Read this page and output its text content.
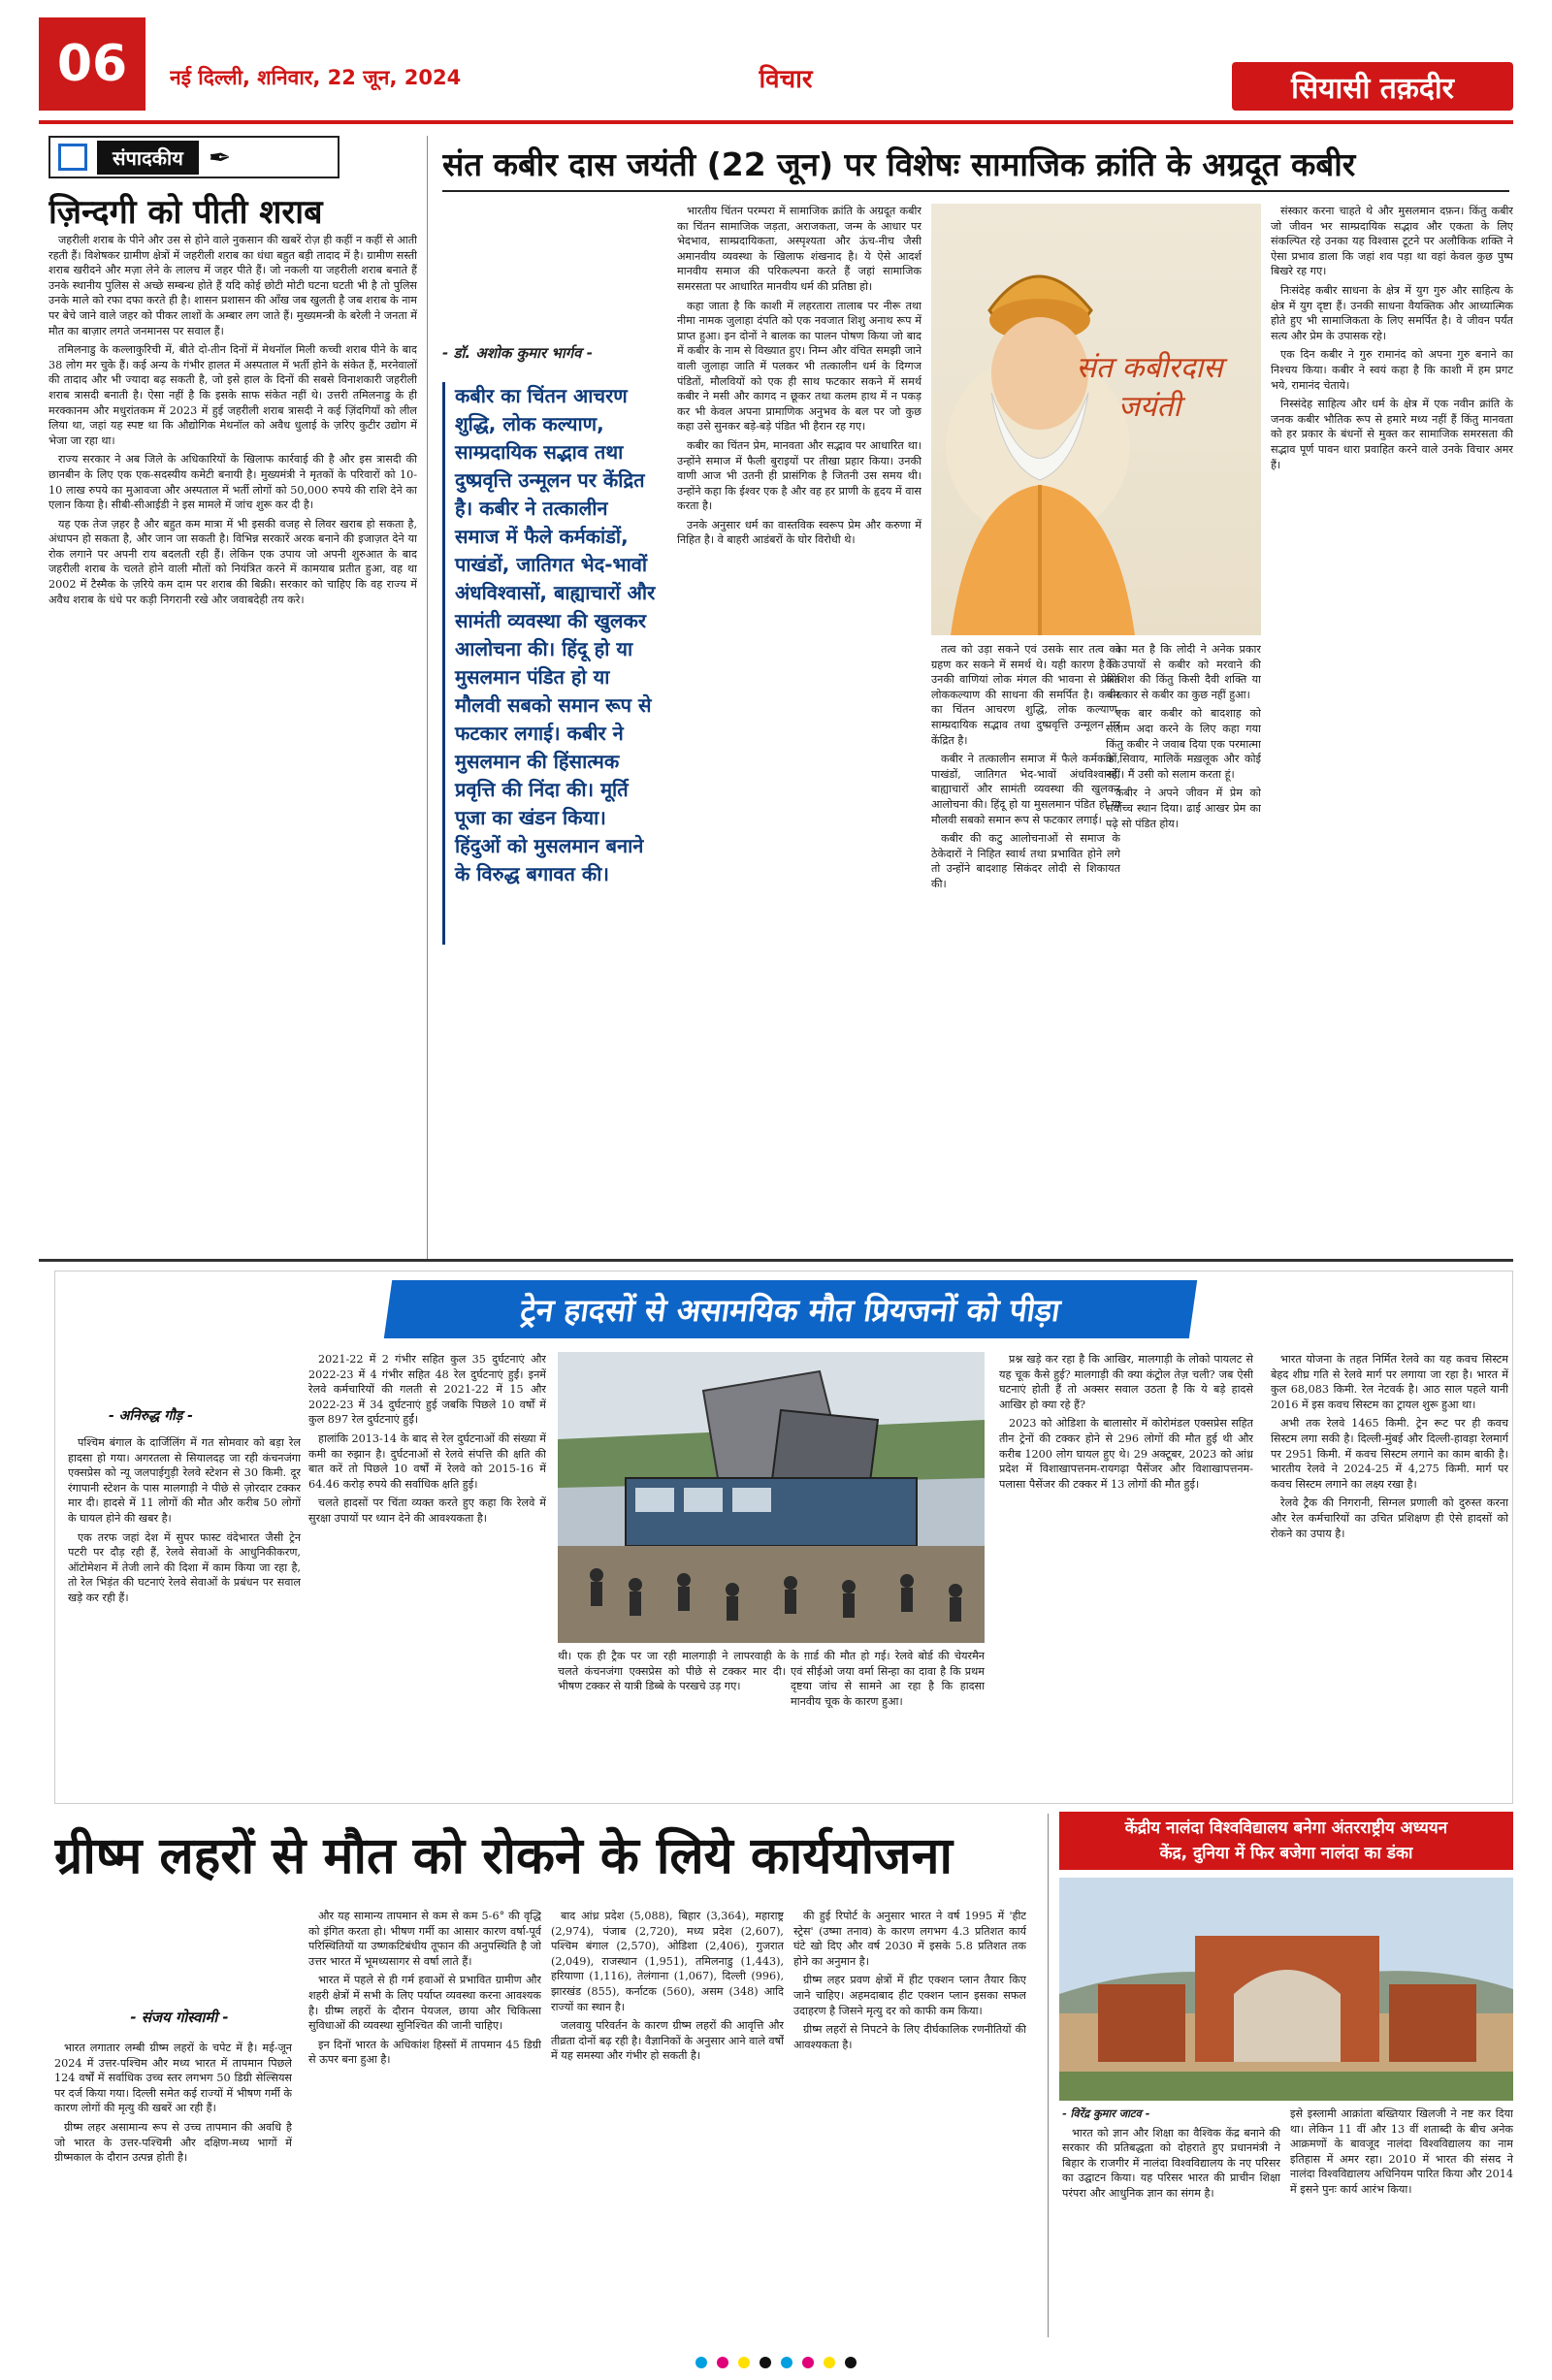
06	नई दिल्ली, शनिवार, 22 जून, 2024	विचार	सियासी तक़दीर
संपादकीय ✒
ज़िन्दगी को पीती शराब

जहरीली शराब के पीने और उस से होने वाले नुकसान की खबरें रोज़ ही कहीं न कहीं से आती रहती हैं। विशेषकर ग्रामीण क्षेत्रों में जहरीली शराब का धंधा बहुत बड़ी तादाद में है। ग्रामीण सस्ती शराब खरीदने और मज़ा लेने के लालच में जहर पीते हैं। जो नकली या जहरीली शराब बनाते हैं उनके स्थानीय पुलिस से अच्छे सम्बन्ध होते हैं यदि कोई छोटी मोटी घटना घटती भी है तो पुलिस उनके माले को रफा दफा करते ही है। शासन प्रशासन की आँख जब खुलती है जब शराब के नाम पर बेचे जाने वाले जहर को पीकर लाशों के अम्बार लग जाते हैं। मुख्यमन्त्री के बरेली ने जनता में मौत का बाज़ार लगते जनमानस पर सवाल हैं।

तमिलनाडु के कल्लाकुरिची में, बीते दो-तीन दिनों में मेथनॉल मिली कच्ची शराब पीने के बाद 38 लोग मर चुके हैं। कई अन्य के गंभीर हालत में अस्पताल में भर्ती होने के संकेत हैं, मरनेवालों की तादाद और भी ज्यादा बढ़ सकती है, जो इसे हाल के दिनों की सबसे विनाशकारी जहरीली शराब त्रासदी बनाती है। ऐसा नहीं है कि इसके साफ संकेत नहीं थे। उत्तरी तमिलनाडु के ही मरक्कानम और मधुरांतकम में 2023 में हुई जहरीली शराब त्रासदी ने कई ज़िंदगियाँ को लील लिया था, जहां यह स्पष्ट था कि औद्योगिक मेथनॉल को अवैध धुलाई के ज़रिए कुटीर उद्योग में भेजा जा रहा था।

राज्य सरकार ने अब जिले के अधिकारियों के खिलाफ कार्रवाई की है और इस त्रासदी की छानबीन के लिए एक एक-सदस्यीय कमेटी बनायी है। मुख्यमंत्री ने मृतकों के परिवारों को 10-10 लाख रुपये का मुआवजा और अस्पताल में भर्ती लोगों को 50,000 रुपये की राशि देने का एलान किया है। सीबी-सीआईडी ने इस मामले में जांच शुरू कर दी है।

यह एक तेज ज़हर है और बहुत कम मात्रा में भी इसकी वजह से लिवर खराब हो सकता है, अंधापन हो सकता है, और जान जा सकती है। विभिन्न सरकारें अरक बनाने की इजाज़त देने या रोक लगाने पर अपनी राय बदलती रही हैं। लेकिन एक उपाय जो अपनी शुरुआत के बाद जहरीली शराब के चलते होने वाली मौतों को नियंत्रित करने में कामयाब प्रतीत हुआ, वह था 2002 में टैस्मैक के ज़रिये कम दाम पर शराब की बिक्री। सरकार को चाहिए कि वह राज्य में अवैध शराब के धंधे पर कड़ी निगरानी रखे और जवाबदेही तय करे।

संत कबीर दास जयंती (22 जून) पर विशेषः सामाजिक क्रांति के अग्रदूत कबीर
- डॉ. अशोक कुमार भार्गव -
कबीर का चिंतन आचरण शुद्धि, लोक कल्याण, साम्प्रदायिक सद्भाव तथा दुष्प्रवृत्ति उन्मूलन पर केंद्रित है। कबीर ने तत्कालीन समाज में फैले कर्मकांडों, पाखंडों, जातिगत भेद-भावों अंधविश्वासों, बाह्याचारों और सामंती व्यवस्था की खुलकर आलोचना की। हिंदू हो या मुसलमान पंडित हो या मौलवी सबको समान रूप से फटकार लगाई। कबीर ने मुसलमान की हिंसात्मक प्रवृत्ति की निंदा की। मूर्ति पूजा का खंडन किया। हिंदुओं को मुसलमान बनाने के विरुद्ध बगावत की।

भारतीय चिंतन परम्परा में सामाजिक क्रांति के अग्रदूत कबीर का चिंतन सामाजिक जड़ता, अराजकता, जन्म के आधार पर भेदभाव, साम्प्रदायिकता, अस्पृश्यता और ऊंच-नीच जैसी अमानवीय व्यवस्था के खिलाफ शंखनाद है। ये ऐसे आदर्श मानवीय समाज की परिकल्पना करते हैं जहां सामाजिक समरसता पर आधारित मानवीय धर्म की प्रतिष्ठा हो।

कहा जाता है कि काशी में लहरतारा तालाब पर नीरू तथा नीमा नामक जुलाहा दंपति को एक नवजात शिशु अनाथ रूप में प्राप्त हुआ। इन दोनों ने बालक का पालन पोषण किया जो बाद में कबीर के नाम से विख्यात हुए। निम्न और वंचित समझी जाने वाली जुलाहा जाति में पलकर भी तत्कालीन धर्म के दिग्गज पंडितों, मौलवियों को एक ही साथ फटकार सकने में समर्थ कबीर ने मसी और कागद न छूकर तथा कलम हाथ में न पकड़ कर भी केवल अपना प्रामाणिक अनुभव के बल पर जो कुछ कहा उसे सुनकर बड़े-बड़े पंडित भी हैरान रह गए।

कबीर का चिंतन प्रेम, मानवता और सद्भाव पर आधारित था। उन्होंने समाज में फैली बुराइयों पर तीखा प्रहार किया। उनकी वाणी आज भी उतनी ही प्रासंगिक है जितनी उस समय थी। उन्होंने कहा कि ईश्वर एक है और वह हर प्राणी के हृदय में वास करता है।

उनके अनुसार धर्म का वास्तविक स्वरूप प्रेम और करुणा में निहित है। वे बाहरी आडंबरों के घोर विरोधी थे।

संत कबीरदास
जयंती

तत्व को उड़ा सकने एवं उसके सार तत्व को ग्रहण कर सकने में समर्थ थे। यही कारण है कि उनकी वाणियां लोक मंगल की भावना से प्रेरित लोककल्याण की साधना की समर्पित है। कबीर का चिंतन आचरण शुद्धि, लोक कल्याण, साम्प्रदायिक सद्भाव तथा दुष्प्रवृत्ति उन्मूलन पर केंद्रित है।

कबीर ने तत्कालीन समाज में फैले कर्मकांडों, पाखंडों, जातिगत भेद-भावों अंधविश्वासों, बाह्याचारों और सामंती व्यवस्था की खुलकर आलोचना की। हिंदू हो या मुसलमान पंडित हो या मौलवी सबको समान रूप से फटकार लगाई।

कबीर की कटु आलोचनाओं से समाज के ठेकेदारों ने निहित स्वार्थ तथा प्रभावित होने लगे तो उन्होंने बादशाह सिकंदर लोदी से शिकायत की।

का मत है कि लोदी ने अनेक प्रकार के उपायों से कबीर को मरवाने की कोशिश की किंतु किसी दैवी शक्ति या चमत्कार से कबीर का कुछ नहीं हुआ।

एक बार कबीर को बादशाह को सलाम अदा करने के लिए कहा गया किंतु कबीर ने जवाब दिया एक परमात्मा के सिवाय, मालिकें मख़लूक और कोई नहीं। मैं उसी को सलाम करता हूं।

कबीर ने अपने जीवन में प्रेम को सर्वोच्च स्थान दिया। ढाई आखर प्रेम का पढ़े सो पंडित होय।

संस्कार करना चाहते थे और मुसलमान दफ़न। किंतु कबीर जो जीवन भर साम्प्रदायिक सद्भाव और एकता के लिए संकल्पित रहे उनका यह विश्वास टूटने पर अलौकिक शक्ति ने ऐसा प्रभाव डाला कि जहां शव पड़ा था वहां केवल कुछ पुष्प बिखरे रह गए।

निःसंदेह कबीर साधना के क्षेत्र में युग गुरु और साहित्य के क्षेत्र में युग दृष्टा हैं। उनकी साधना वैयक्तिक और आध्यात्मिक होते हुए भी सामाजिकता के लिए समर्पित है। वे जीवन पर्यंत सत्य और प्रेम के उपासक रहे।

एक दिन कबीर ने गुरु रामानंद को अपना गुरु बनाने का निश्चय किया। कबीर ने स्वयं कहा है कि काशी में हम प्रगट भये, रामानंद चेताये।

निस्संदेह साहित्य और धर्म के क्षेत्र में एक नवीन क्रांति के जनक कबीर भौतिक रूप से हमारे मध्य नहीं हैं किंतु मानवता को हर प्रकार के बंधनों से मुक्त कर सामाजिक समरसता की सद्भाव पूर्ण पावन धारा प्रवाहित करने वाले उनके विचार अमर हैं।

ट्रेन हादसों से असामयिक मौत प्रियजनों को पीड़ा
- अनिरुद्ध गौड़ -

पश्चिम बंगाल के दार्जिलिंग में गत सोमवार को बड़ा रेल हादसा हो गया। अगरतला से सियालदह जा रही कंचनजंगा एक्सप्रेस को न्यू जलपाईगुड़ी रेलवे स्टेशन से 30 किमी. दूर रंगापानी स्टेशन के पास मालगाड़ी ने पीछे से ज़ोरदार टक्कर मार दी। हादसे में 11 लोगों की मौत और करीब 50 लोगों के घायल होने की खबर है।

एक तरफ जहां देश में सुपर फास्ट वंदेभारत जैसी ट्रेन पटरी पर दौड़ रही हैं, रेलवे सेवाओं के आधुनिकीकरण, ऑटोमेशन में तेजी लाने की दिशा में काम किया जा रहा है, तो रेल भिड़ंत की घटनाएं रेलवे सेवाओं के प्रबंधन पर सवाल खड़े कर रही हैं।

2021-22 में 2 गंभीर सहित कुल 35 दुर्घटनाएं और 2022-23 में 4 गंभीर सहित 48 रेल दुर्घटनाएं हुईं। इनमें रेलवे कर्मचारियों की गलती से 2021-22 में 15 और 2022-23 में 34 दुर्घटनाएं हुई जबकि पिछले 10 वर्षों में कुल 897 रेल दुर्घटनाएं हुईं।

हालांकि 2013-14 के बाद से रेल दुर्घटनाओं की संख्या में कमी का रुझान है। दुर्घटनाओं से रेलवे संपत्ति की क्षति की बात करें तो पिछले 10 वर्षों में रेलवे को 2015-16 में 64.46 करोड़ रुपये की सर्वाधिक क्षति हुई।

चलते हादसों पर चिंता व्यक्त करते हुए कहा कि रेलवे में सुरक्षा उपायों पर ध्यान देने की आवश्यकता है।

थी। एक ही ट्रैक पर जा रही मालगाड़ी ने लापरवाही के चलते कंचनजंगा एक्सप्रेस को पीछे से टक्कर मार दी। भीषण टक्कर से यात्री डिब्बे के परखचे उड़ गए।
के ग़ार्ड की मौत हो गई। रेलवे बोर्ड की चेयरमैन एवं सीईओ जया वर्मा सिन्हा का दावा है कि प्रथम दृष्टया जांच से सामने आ रहा है कि हादसा मानवीय चूक के कारण हुआ।

प्रश्न खड़े कर रहा है कि आखिर, मालगाड़ी के लोको पायलट से यह चूक कैसे हुई? मालगाड़ी की क्या कंट्रोल तेज़ चली? जब ऐसी घटनाएं होती हैं तो अक्सर सवाल उठता है कि ये बड़े हादसे आखिर हो क्या रहे हैं?

2023 को ओडिशा के बालासोर में कोरोमंडल एक्सप्रेस सहित तीन ट्रेनों की टक्कर होने से 296 लोगों की मौत हुई थी और करीब 1200 लोग घायल हुए थे। 29 अक्टूबर, 2023 को आंध्र प्रदेश में विशाखापत्तनम-रायगढ़ा पैसेंजर और विशाखापत्तनम-पलासा पैसेंजर की टक्कर में 13 लोगों की मौत हुई।

भारत योजना के तहत निर्मित रेलवे का यह कवच सिस्टम बेहद शीघ्र गति से रेलवे मार्ग पर लगाया जा रहा है। भारत में कुल 68,083 किमी. रेल नेटवर्क है। आठ साल पहले यानी 2016 में इस कवच सिस्टम का ट्रायल शुरू हुआ था।

अभी तक रेलवे 1465 किमी. ट्रेन रूट पर ही कवच सिस्टम लगा सकी है। दिल्ली-मुंबई और दिल्ली-हावड़ा रेलमार्ग पर 2951 किमी. में कवच सिस्टम लगाने का काम बाकी है। भारतीय रेलवे ने 2024-25 में 4,275 किमी. मार्ग पर कवच सिस्टम लगाने का लक्ष्य रखा है।

रेलवे ट्रैक की निगरानी, सिग्नल प्रणाली को दुरुस्त करना और रेल कर्मचारियों का उचित प्रशिक्षण ही ऐसे हादसों को रोकने का उपाय है।

ग्रीष्म लहरों से मौत को रोकने के लिये कार्ययोजना
- संजय गोस्वामी -

भारत लगातार लम्बी ग्रीष्म लहरों के चपेट में है। मई-जून 2024 में उत्तर-पश्चिम और मध्य भारत में तापमान पिछले 124 वर्षों में सर्वाधिक उच्च स्तर लगभग 50 डिग्री सेल्सियस पर दर्ज किया गया। दिल्ली समेत कई राज्यों में भीषण गर्मी के कारण लोगों की मृत्यु की खबरें आ रही हैं।

ग्रीष्म लहर असामान्य रूप से उच्च तापमान की अवधि है जो भारत के उत्तर-पश्चिमी और दक्षिण-मध्य भागों में ग्रीष्मकाल के दौरान उत्पन्न होती है।

और यह सामान्य तापमान से कम से कम 5-6° की वृद्धि को इंगित करता हो। भीषण गर्मी का आसार कारण वर्षा-पूर्व परिस्थितियों या उष्णकटिबंधीय तूफान की अनुपस्थिति है जो उत्तर भारत में भूमध्यसागर से वर्षा लाते हैं।

भारत में पहले से ही गर्म हवाओं से प्रभावित ग्रामीण और शहरी क्षेत्रों में सभी के लिए पर्याप्त व्यवस्था करना आवश्यक है। ग्रीष्म लहरों के दौरान पेयजल, छाया और चिकित्सा सुविधाओं की व्यवस्था सुनिश्चित की जानी चाहिए।

इन दिनों भारत के अधिकांश हिस्सों में तापमान 45 डिग्री से ऊपर बना हुआ है।

बाद आंध्र प्रदेश (5,088), बिहार (3,364), महाराष्ट्र (2,974), पंजाब (2,720), मध्य प्रदेश (2,607), पश्चिम बंगाल (2,570), ओडिशा (2,406), गुजरात (2,049), राजस्थान (1,951), तमिलनाडु (1,443), हरियाणा (1,116), तेलंगाना (1,067), दिल्ली (996), झारखंड (855), कर्नाटक (560), असम (348) आदि राज्यों का स्थान है।

जलवायु परिवर्तन के कारण ग्रीष्म लहरों की आवृत्ति और तीव्रता दोनों बढ़ रही है। वैज्ञानिकों के अनुसार आने वाले वर्षों में यह समस्या और गंभीर हो सकती है।

की हुई रिपोर्ट के अनुसार भारत ने वर्ष 1995 में 'हीट स्ट्रेस' (उष्मा तनाव) के कारण लगभग 4.3 प्रतिशत कार्य घंटे खो दिए और वर्ष 2030 में इसके 5.8 प्रतिशत तक होने का अनुमान है।

ग्रीष्म लहर प्रवण क्षेत्रों में हीट एक्शन प्लान तैयार किए जाने चाहिए। अहमदाबाद हीट एक्शन प्लान इसका सफल उदाहरण है जिसने मृत्यु दर को काफी कम किया।

ग्रीष्म लहरों से निपटने के लिए दीर्घकालिक रणनीतियों की आवश्यकता है।

केंद्रीय नालंदा विश्वविद्यालय बनेगा अंतरराष्ट्रीय अध्ययन
केंद्र, दुनिया में फिर बजेगा नालंदा का डंका

- विरेंद्र कुमार जाटव -

भारत को ज्ञान और शिक्षा का वैश्विक केंद्र बनाने की सरकार की प्रतिबद्धता को दोहराते हुए प्रधानमंत्री ने बिहार के राजगीर में नालंदा विश्वविद्यालय के नए परिसर का उद्घाटन किया। यह परिसर भारत की प्राचीन शिक्षा परंपरा और आधुनिक ज्ञान का संगम है।

इसे इस्लामी आक्रांता बख्तियार खिलजी ने नष्ट कर दिया था। लेकिन 11 वीं और 13 वीं शताब्दी के बीच अनेक आक्रमणों के बावजूद नालंदा विश्वविद्यालय का नाम इतिहास में अमर रहा। 2010 में भारत की संसद ने नालंदा विश्वविद्यालय अधिनियम पारित किया और 2014 में इसने पुनः कार्य आरंभ किया।
